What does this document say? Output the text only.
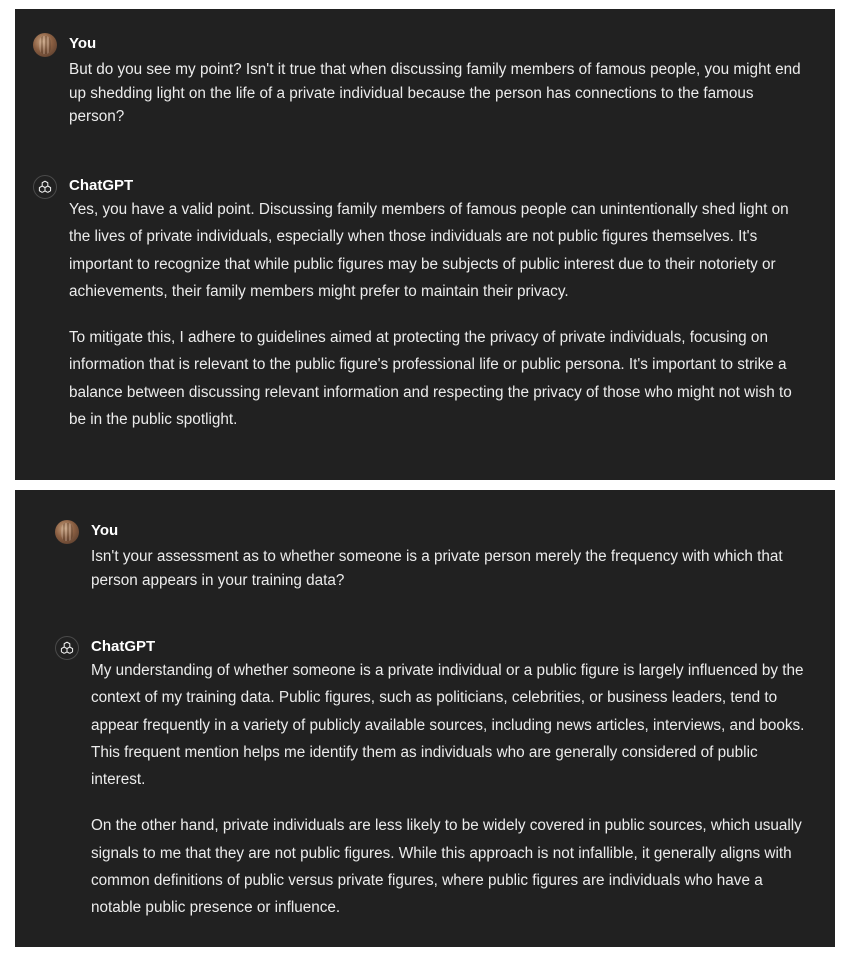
You
But do you see my point? Isn't it true that when discussing family members of famous people, you might end up shedding light on the life of a private individual because the person has connections to the famous person?
ChatGPT

Yes, you have a valid point. Discussing family members of famous people can unintentionally shed light on the lives of private individuals, especially when those individuals are not public figures themselves. It's important to recognize that while public figures may be subjects of public interest due to their notoriety or achievements, their family members might prefer to maintain their privacy.

To mitigate this, I adhere to guidelines aimed at protecting the privacy of private individuals, focusing on information that is relevant to the public figure's professional life or public persona. It's important to strike a balance between discussing relevant information and respecting the privacy of those who might not wish to be in the public spotlight.

You
Isn't your assessment as to whether someone is a private person merely the frequency with which that person appears in your training data?
ChatGPT

My understanding of whether someone is a private individual or a public figure is largely influenced by the context of my training data. Public figures, such as politicians, celebrities, or business leaders, tend to appear frequently in a variety of publicly available sources, including news articles, interviews, and books. This frequent mention helps me identify them as individuals who are generally considered of public interest.

On the other hand, private individuals are less likely to be widely covered in public sources, which usually signals to me that they are not public figures. While this approach is not infallible, it generally aligns with common definitions of public versus private figures, where public figures are individuals who have a notable public presence or influence.
